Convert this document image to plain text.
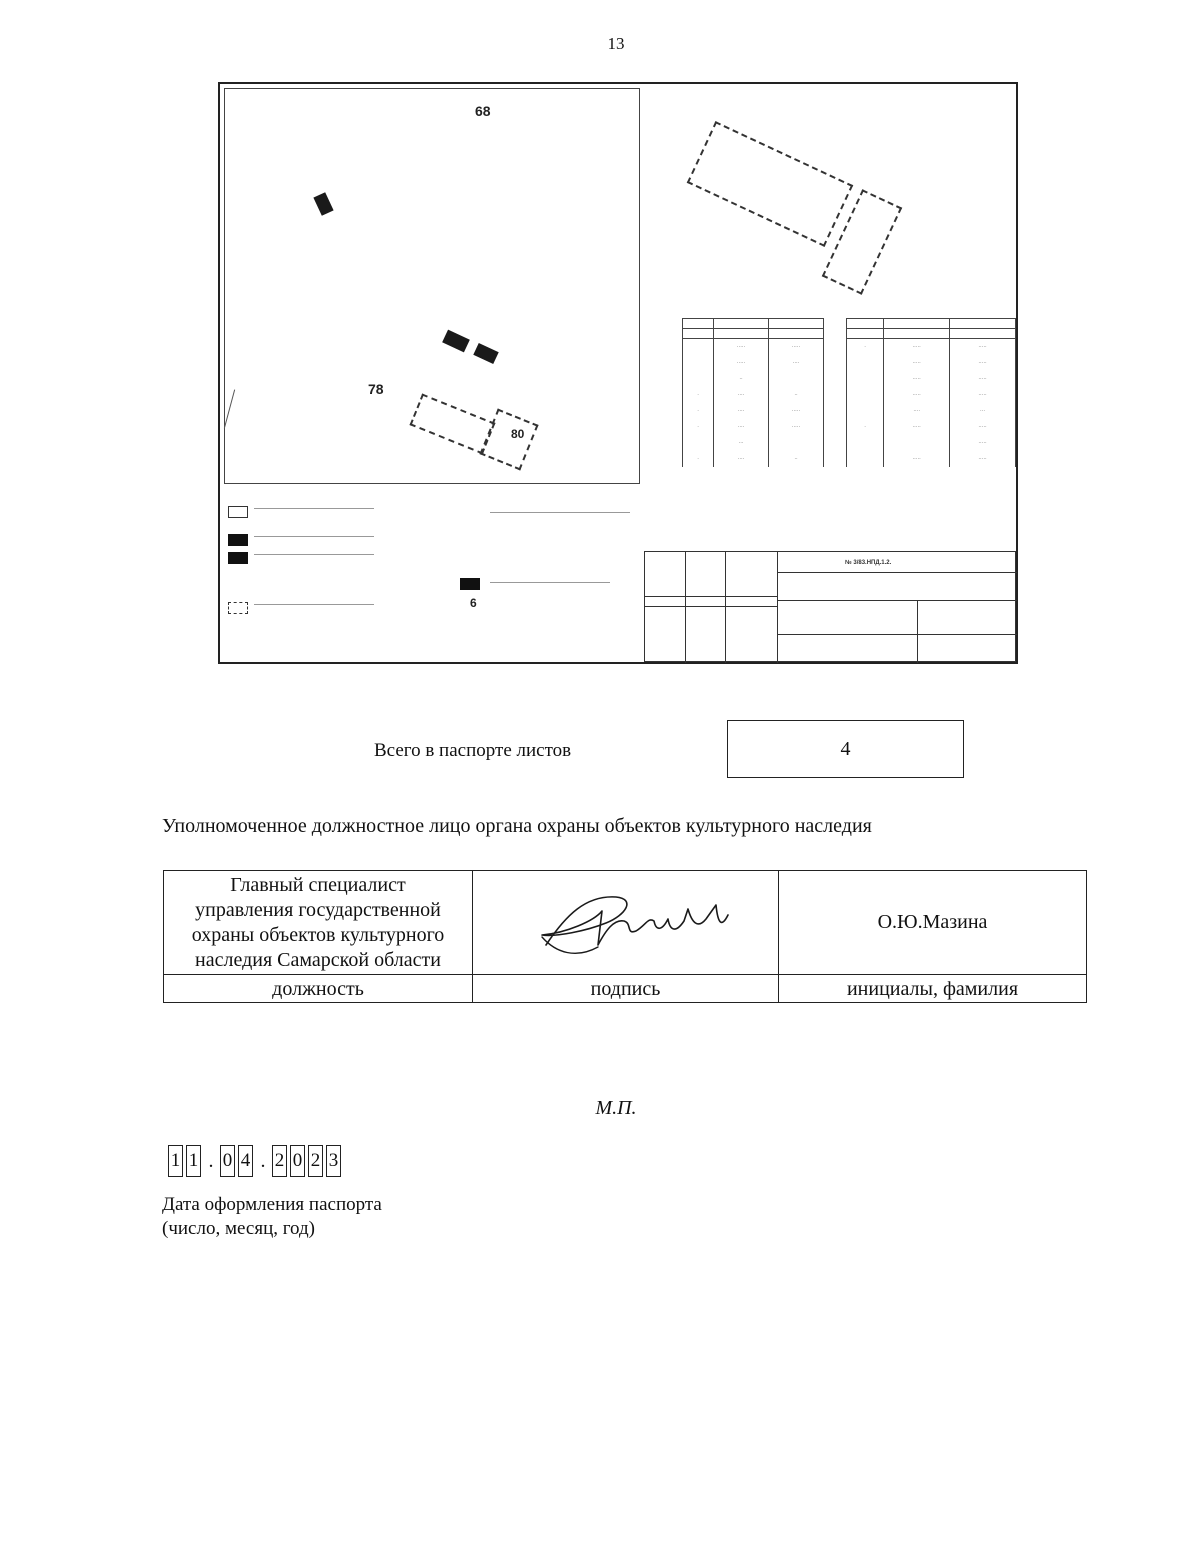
13
68
78
80

	·····	·····
	·····	····
	··	
·	····	··
·	····	·····
·	····	·····
	···	
·	····	··

·	·····	·····
	·····	·····
	·····	·····
	·····	·····
	····	···
·	·····	·····
		·····
	·····	·····
6
№ 3/83.НПД.1.2.
Всего в паспорте листов	4
Уполномоченное должностное лицо органа охраны объектов культурного наследия
Главный специалист
управления государственной
охраны объектов культурного
наследия Самарской области		О.Ю.Мазина
должность	подпись	инициалы, фамилия
М.П.
1 1 . 0 4 . 2 0 2 3
Дата оформления паспорта
(число, месяц, год)
